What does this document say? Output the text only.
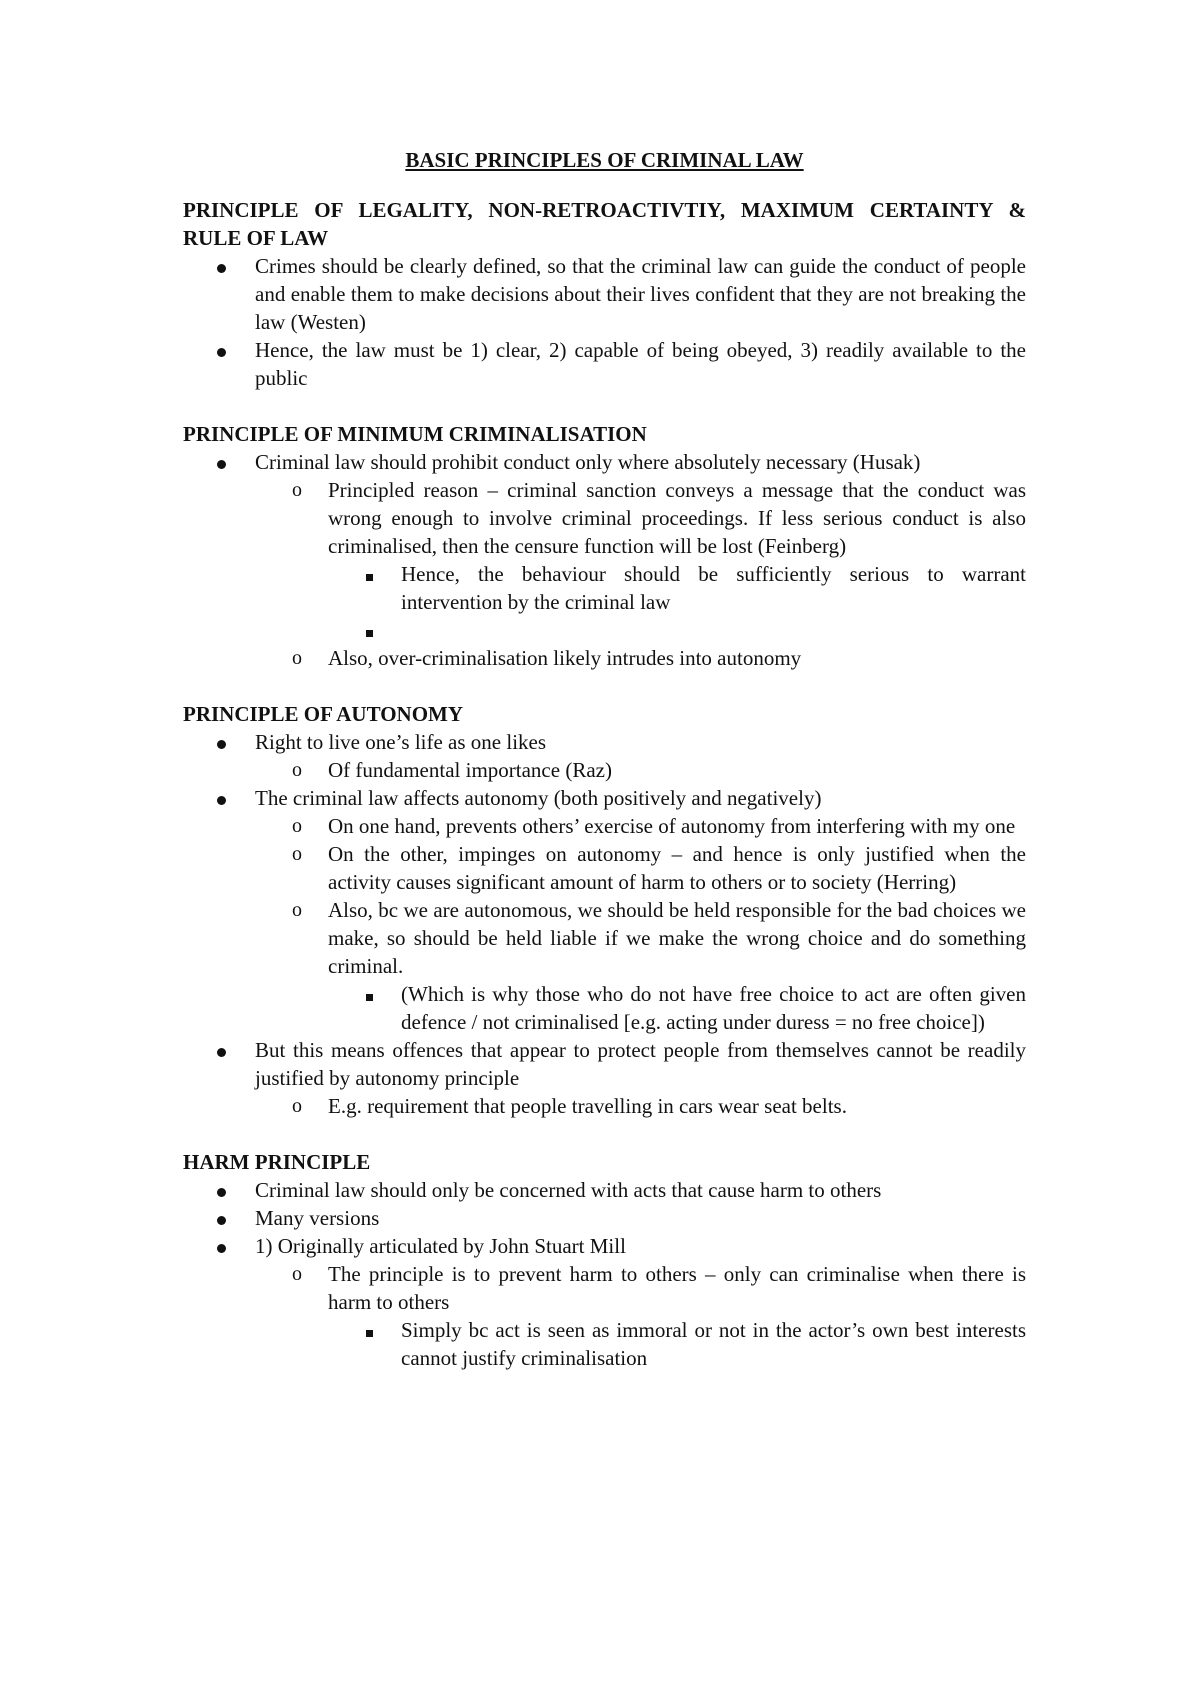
BASIC PRINCIPLES OF CRIMINAL LAW

PRINCIPLE OF LEGALITY, NON-RETROACTIVTIY, MAXIMUM CERTAINTY & RULE OF LAW

Crimes should be clearly defined, so that the criminal law can guide the conduct of people and enable them to make decisions about their lives confident that they are not breaking the law (Westen)
Hence, the law must be 1) clear, 2) capable of being obeyed, 3) readily available to the public

PRINCIPLE OF MINIMUM CRIMINALISATION

Criminal law should prohibit conduct only where absolutely necessary (Husak)
o Principled reason – criminal sanction conveys a message that the conduct was wrong enough to involve criminal proceedings. If less serious conduct is also criminalised, then the censure function will be lost (Feinberg)
Hence, the behaviour should be sufficiently serious to warrant intervention by the criminal law
o Also, over-criminalisation likely intrudes into autonomy

PRINCIPLE OF AUTONOMY

Right to live one’s life as one likes
o Of fundamental importance (Raz)
The criminal law affects autonomy (both positively and negatively)
o On one hand, prevents others’ exercise of autonomy from interfering with my one
o On the other, impinges on autonomy – and hence is only justified when the activity causes significant amount of harm to others or to society (Herring)
o Also, bc we are autonomous, we should be held responsible for the bad choices we make, so should be held liable if we make the wrong choice and do something criminal.
(Which is why those who do not have free choice to act are often given defence / not criminalised [e.g. acting under duress = no free choice])
But this means offences that appear to protect people from themselves cannot be readily justified by autonomy principle
o E.g. requirement that people travelling in cars wear seat belts.

HARM PRINCIPLE

Criminal law should only be concerned with acts that cause harm to others
Many versions
1) Originally articulated by John Stuart Mill
o The principle is to prevent harm to others – only can criminalise when there is harm to others
Simply bc act is seen as immoral or not in the actor’s own best interests cannot justify criminalisation
